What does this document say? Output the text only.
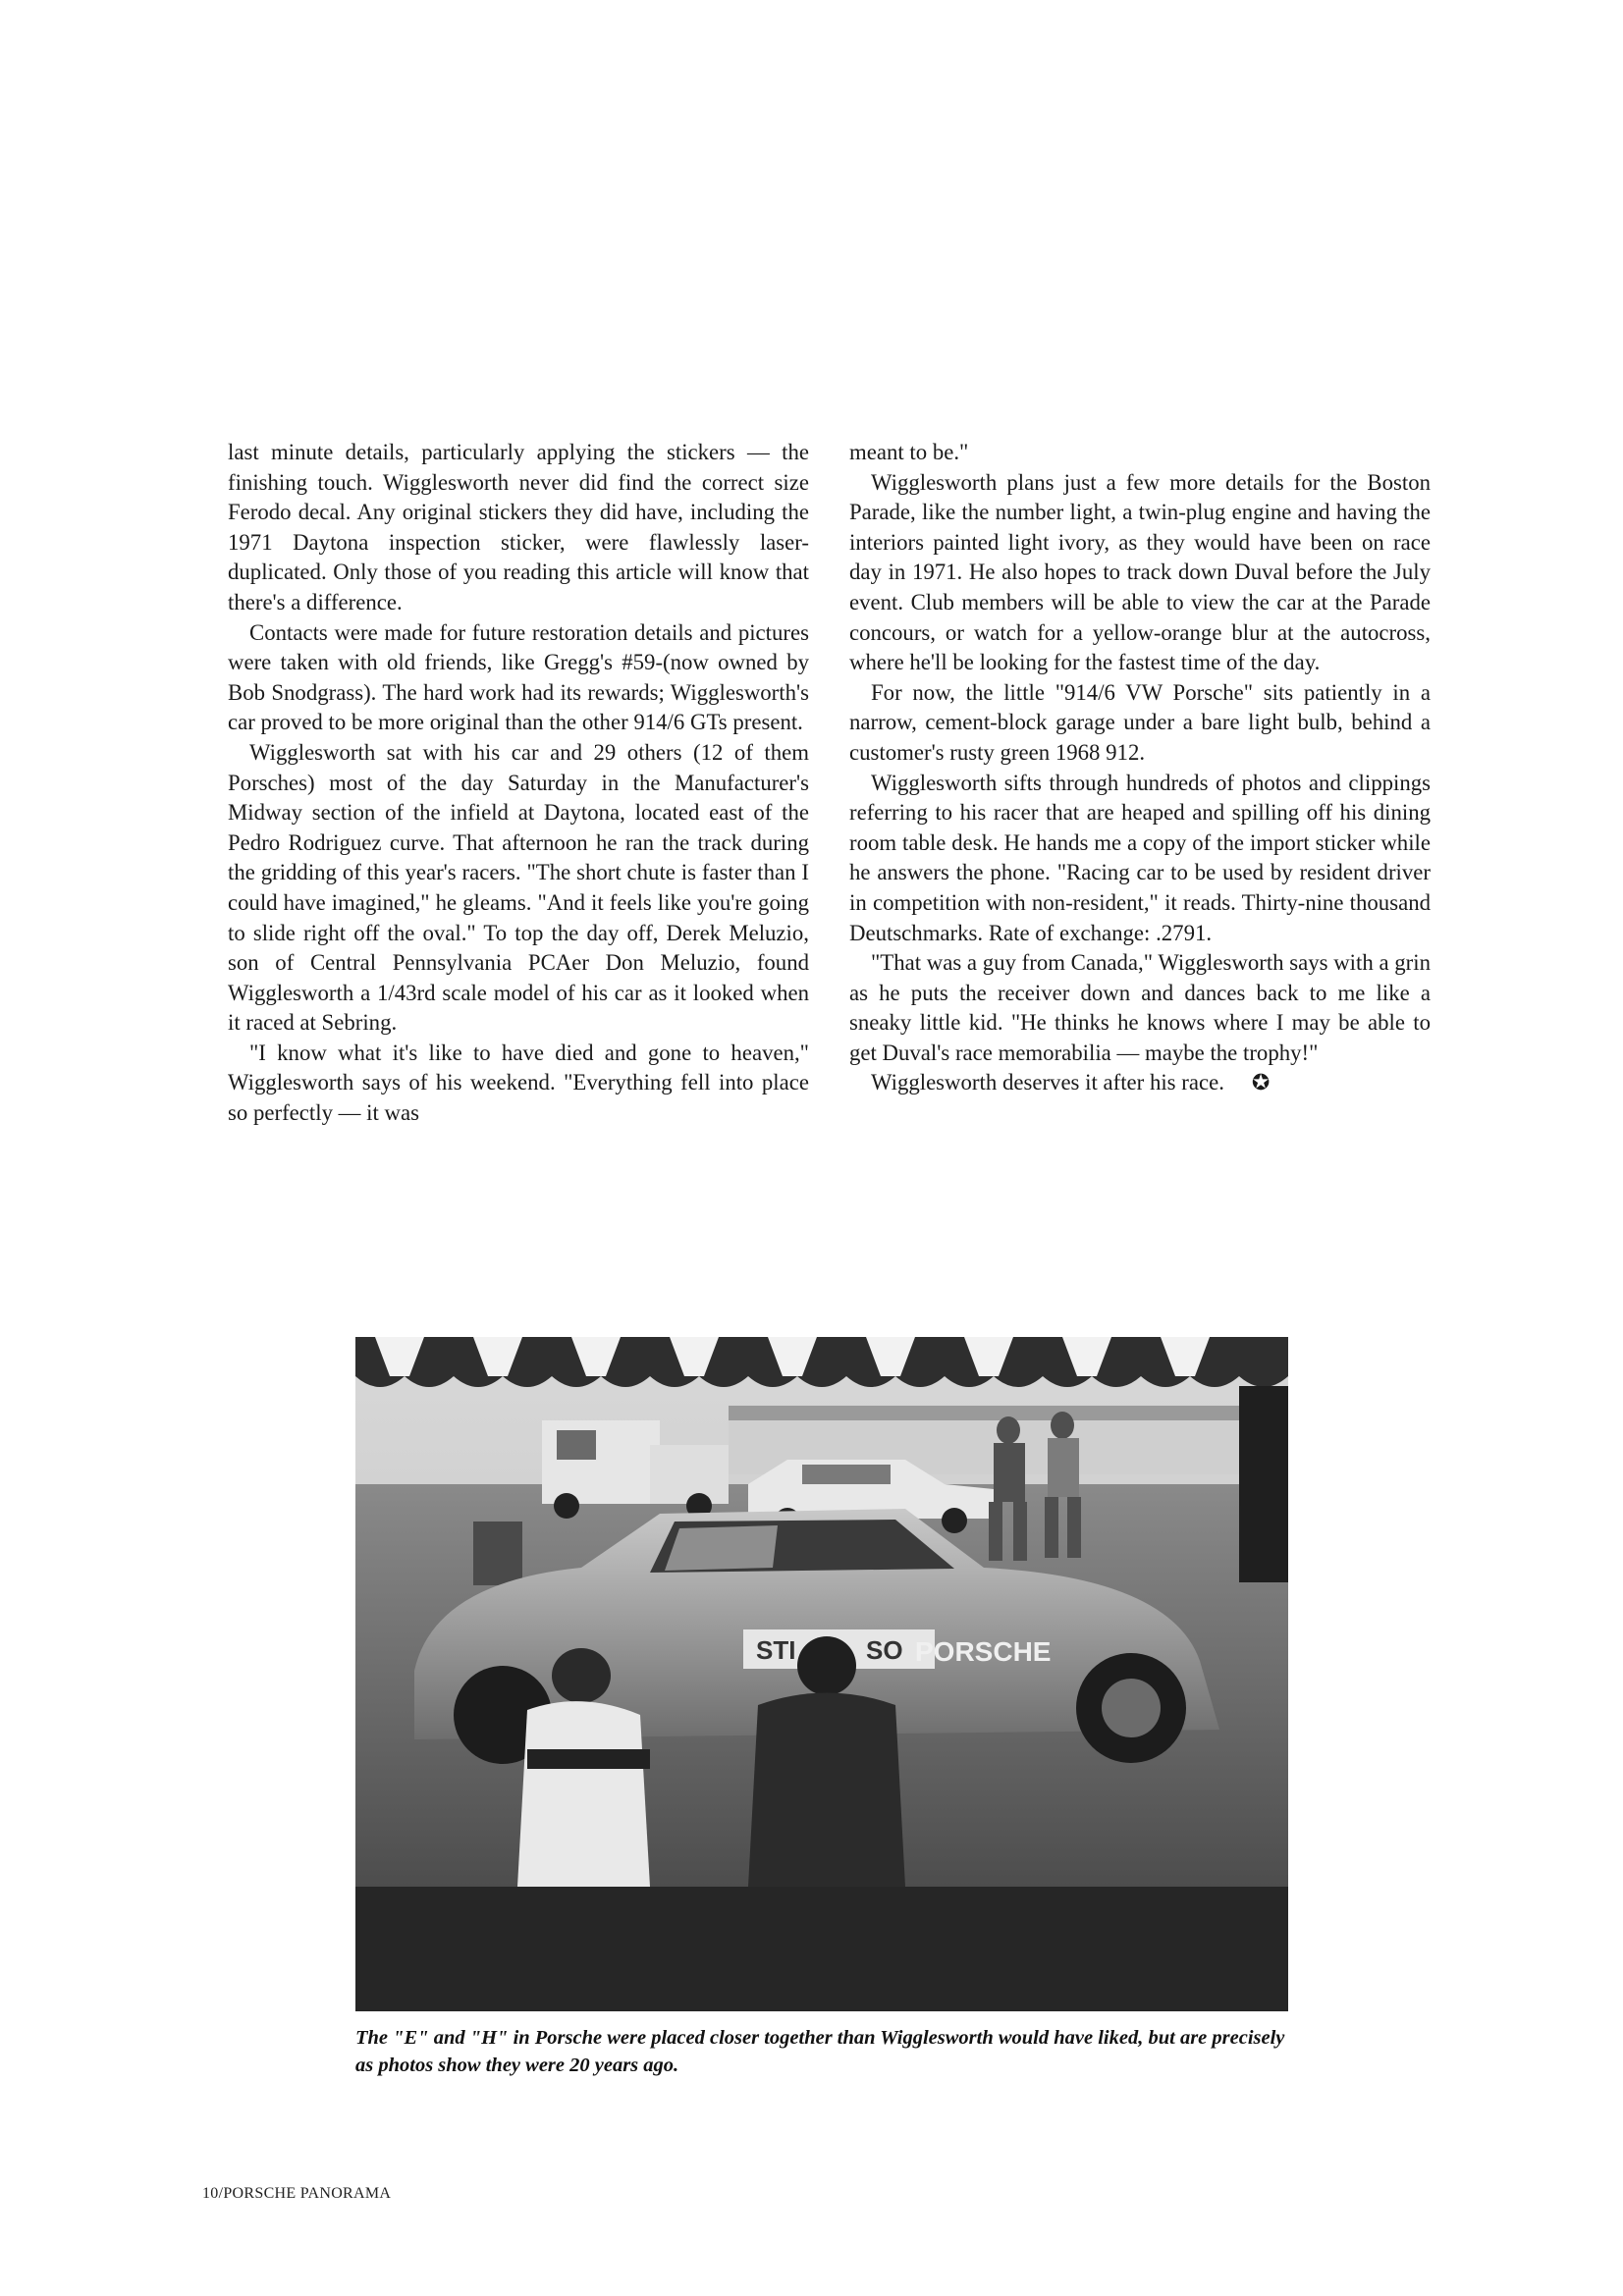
last minute details, particularly applying the stickers — the finishing touch. Wigglesworth never did find the correct size Ferodo decal. Any original stickers they did have, including the 1971 Daytona inspection sticker, were flawlessly laser-duplicated. Only those of you reading this article will know that there's a difference.

Contacts were made for future restoration details and pictures were taken with old friends, like Gregg's #59-(now owned by Bob Snodgrass). The hard work had its rewards; Wigglesworth's car proved to be more original than the other 914/6 GTs present.

Wigglesworth sat with his car and 29 others (12 of them Porsches) most of the day Saturday in the Manufacturer's Midway section of the infield at Daytona, located east of the Pedro Rodriguez curve. That afternoon he ran the track during the gridding of this year's racers. "The short chute is faster than I could have imagined," he gleams. "And it feels like you're going to slide right off the oval." To top the day off, Derek Meluzio, son of Central Pennsylvania PCAer Don Meluzio, found Wigglesworth a 1/43rd scale model of his car as it looked when it raced at Sebring.

"I know what it's like to have died and gone to heaven," Wigglesworth says of his weekend. "Everything fell into place so perfectly — it was

meant to be."

Wigglesworth plans just a few more details for the Boston Parade, like the number light, a twin-plug engine and having the interiors painted light ivory, as they would have been on race day in 1971. He also hopes to track down Duval before the July event. Club members will be able to view the car at the Parade concours, or watch for a yellow-orange blur at the autocross, where he'll be looking for the fastest time of the day.

For now, the little "914/6 VW Porsche" sits patiently in a narrow, cement-block garage under a bare light bulb, behind a customer's rusty green 1968 912.

Wigglesworth sifts through hundreds of photos and clippings referring to his racer that are heaped and spilling off his dining room table desk. He hands me a copy of the import sticker while he answers the phone. "Racing car to be used by resident driver in competition with non-resident," it reads. Thirty-nine thousand Deutschmarks. Rate of exchange: .2791.

"That was a guy from Canada," Wigglesworth says with a grin as he puts the receiver down and dances back to me like a sneaky little kid. "He thinks he knows where I may be able to get Duval's race memorabilia — maybe the trophy!"

Wigglesworth deserves it after his race. ✪

STI	SO PORSCHE
The "E" and "H" in Porsche were placed closer together than Wigglesworth would have liked, but are precisely as photos show they were 20 years ago.
10/PORSCHE PANORAMA
